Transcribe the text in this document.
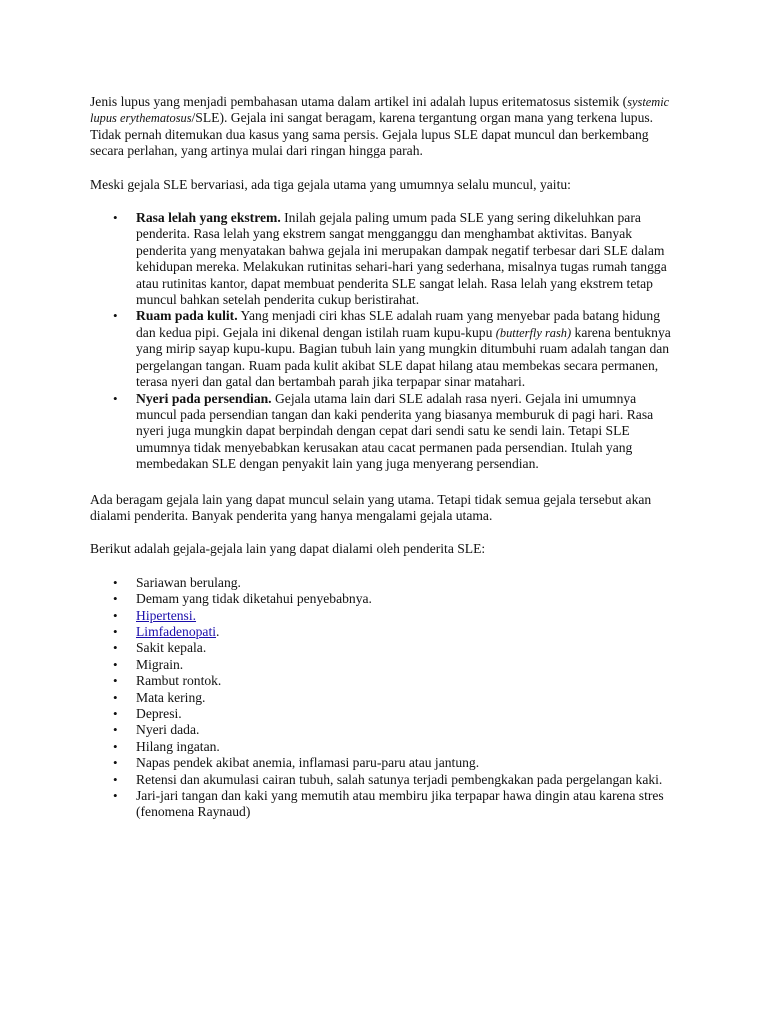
Jenis lupus yang menjadi pembahasan utama dalam artikel ini adalah lupus eritematosus sistemik (systemic lupus erythematosus/SLE). Gejala ini sangat beragam, karena tergantung organ mana yang terkena lupus. Tidak pernah ditemukan dua kasus yang sama persis. Gejala lupus SLE dapat muncul dan berkembang secara perlahan, yang artinya mulai dari ringan hingga parah.

Meski gejala SLE bervariasi, ada tiga gejala utama yang umumnya selalu muncul, yaitu:

• Rasa lelah yang ekstrem. Inilah gejala paling umum pada SLE yang sering dikeluhkan para penderita. Rasa lelah yang ekstrem sangat mengganggu dan menghambat aktivitas. Banyak penderita yang menyatakan bahwa gejala ini merupakan dampak negatif terbesar dari SLE dalam kehidupan mereka. Melakukan rutinitas sehari-hari yang sederhana, misalnya tugas rumah tangga atau rutinitas kantor, dapat membuat penderita SLE sangat lelah. Rasa lelah yang ekstrem tetap muncul bahkan setelah penderita cukup beristirahat.
• Ruam pada kulit. Yang menjadi ciri khas SLE adalah ruam yang menyebar pada batang hidung dan kedua pipi. Gejala ini dikenal dengan istilah ruam kupu-kupu (butterfly rash) karena bentuknya yang mirip sayap kupu-kupu. Bagian tubuh lain yang mungkin ditumbuhi ruam adalah tangan dan pergelangan tangan. Ruam pada kulit akibat SLE dapat hilang atau membekas secara permanen, terasa nyeri dan gatal dan bertambah parah jika terpapar sinar matahari.
• Nyeri pada persendian. Gejala utama lain dari SLE adalah rasa nyeri. Gejala ini umumnya muncul pada persendian tangan dan kaki penderita yang biasanya memburuk di pagi hari. Rasa nyeri juga mungkin dapat berpindah dengan cepat dari sendi satu ke sendi lain. Tetapi SLE umumnya tidak menyebabkan kerusakan atau cacat permanen pada persendian. Itulah yang membedakan SLE dengan penyakit lain yang juga menyerang persendian.

Ada beragam gejala lain yang dapat muncul selain yang utama. Tetapi tidak semua gejala tersebut akan dialami penderita. Banyak penderita yang hanya mengalami gejala utama.

Berikut adalah gejala-gejala lain yang dapat dialami oleh penderita SLE:

• Sariawan berulang.
• Demam yang tidak diketahui penyebabnya.
• Hipertensi.
• Limfadenopati.
• Sakit kepala.
• Migrain.
• Rambut rontok.
• Mata kering.
• Depresi.
• Nyeri dada.
• Hilang ingatan.
• Napas pendek akibat anemia, inflamasi paru-paru atau jantung.
• Retensi dan akumulasi cairan tubuh, salah satunya terjadi pembengkakan pada pergelangan kaki.
• Jari-jari tangan dan kaki yang memutih atau membiru jika terpapar hawa dingin atau karena stres (fenomena Raynaud)
